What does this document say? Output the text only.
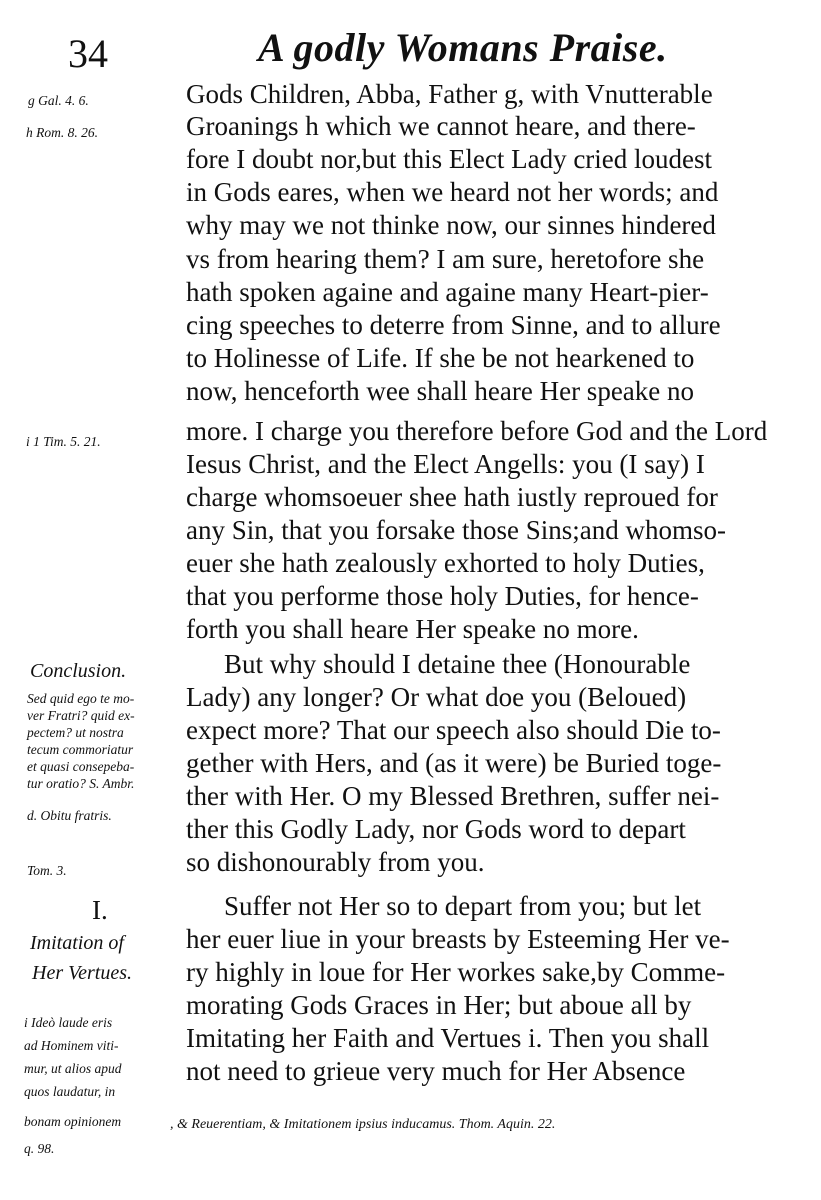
34	A godly Womans Praise.
g Gal. 4. 6.
h Rom. 8. 26.
i 1 Tim. 5. 21.
Conclusion.
Sed quid ego te mo-
ver Fratri? quid ex-
pectem? ut nostra
tecum commoriatur
et quasi consepeba-
tur oratio? S. Ambr.
d. Obitu fratris.
Tom. 3.
I.
Imitation of
Her Vertues.
i Ideò laude eris
ad Hominem viti-
mur, ut alios apud
quos laudatur, in
bonam opinionem
q. 98.
Gods Children, Abba, Father g, with Vnutterable
Groanings h which we cannot heare, and there-
fore I doubt nor,but this Elect Lady cried loudest
in Gods eares, when we heard not her words; and
why may we not thinke now, our sinnes hindered
vs from hearing them? I am sure, heretofore she
hath spoken againe and againe many Heart-pier-
cing speeches to deterre from Sinne, and to allure
to Holinesse of Life. If she be not hearkened to
now, henceforth wee shall heare Her speake no
more. I charge you therefore before God and the Lord
Iesus Christ, and the Elect Angells: you (I say) I
charge whomsoeuer shee hath iustly reproued for
any Sin, that you forsake those Sins;and whomso-
euer she hath zealously exhorted to holy Duties,
that you performe those holy Duties, for hence-
forth you shall heare Her speake no more.
But why should I detaine thee (Honourable
Lady) any longer? Or what doe you (Beloued)
expect more? That our speech also should Die to-
gether with Hers, and (as it were) be Buried toge-
ther with Her. O my Blessed Brethren, suffer nei-
ther this Godly Lady, nor Gods word to depart
so dishonourably from you.
Suffer not Her so to depart from you; but let
her euer liue in your breasts by Esteeming Her ve-
ry highly in loue for Her workes sake,by Comme-
morating Gods Graces in Her; but aboue all by
Imitating her Faith and Vertues i. Then you shall
not need to grieue very much for Her Absence
, & Reuerentiam, & Imitationem ipsius inducamus. Thom. Aquin. 22.
